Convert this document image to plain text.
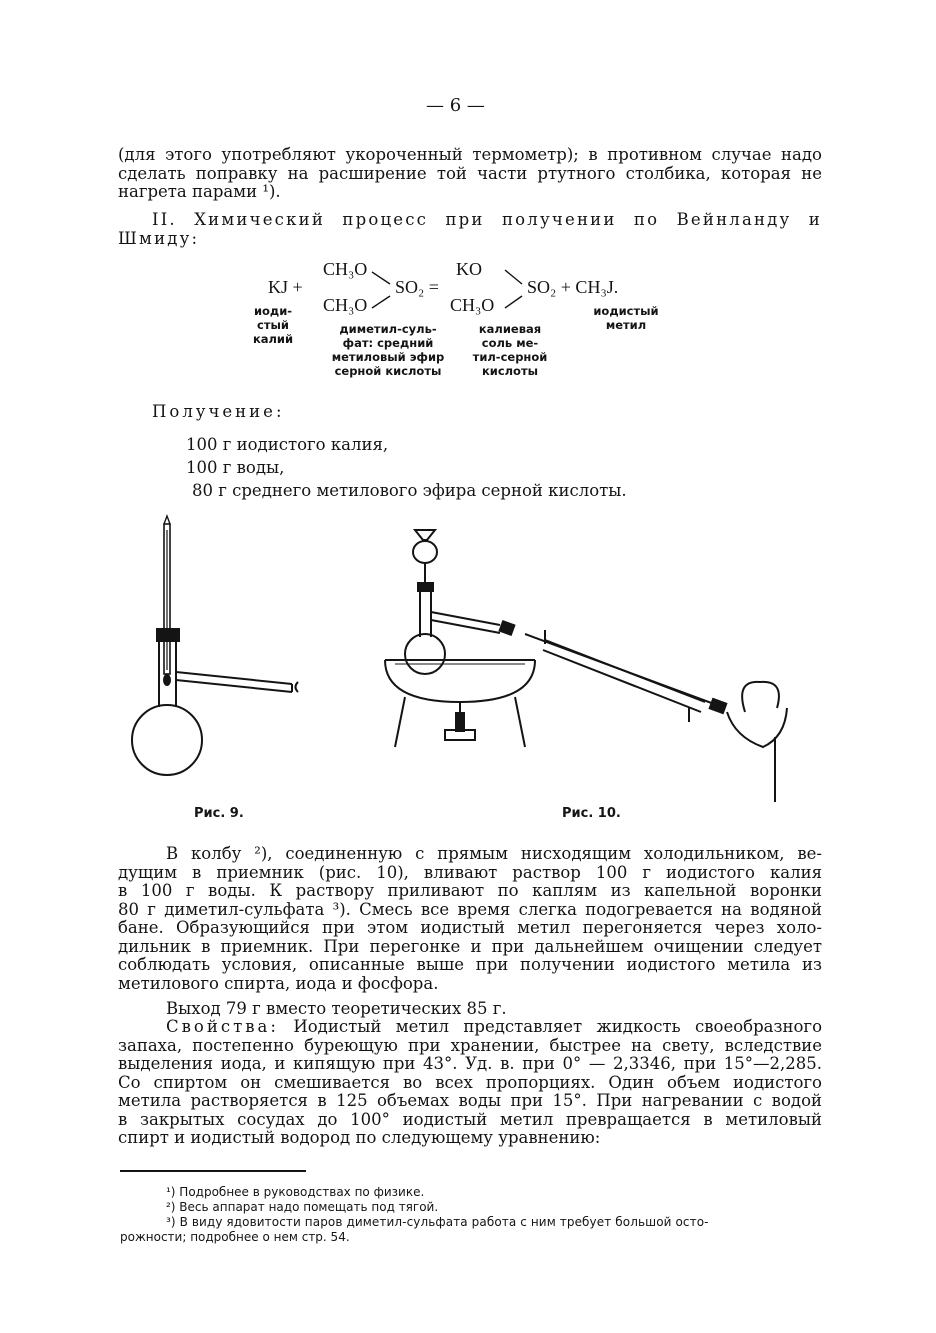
— 6 —
(для этого употребляют укороченный термометр); в противном случае надо
сделать поправку на расширение той части ртутного столбика, которая не
нагрета парами ¹).
II. Химический процесс при получении по Вейнланду и
Шмиду:
KJ +
CH₃O
CH₃O
SO₂ =
KO
CH₃O
SO₂ + CH₃J.
иоди-
стый
калий
диметил-суль-
фат: средний
метиловый эфир
серной кислоты
калиевая
соль ме-
тил-серной
кислоты
иодистый
метил
Получение:
100 г иодистого калия,
100 г воды,
80 г среднего метилового эфира серной кислоты.
Рис. 9.	Рис. 10.
В колбу ²), соединенную с прямым нисходящим холодильником, ве-
дущим в приемник (рис. 10), вливают раствор 100 г иодистого калия
в 100 г воды. К раствору приливают по каплям из капельной воронки
80 г диметил-сульфата ³). Смесь все время слегка подогревается на водяной
бане. Образующийся при этом иодистый метил перегоняется через холо-
дильник в приемник. При перегонке и при дальнейшем очищении следует
соблюдать условия, описанные выше при получении иодистого метила из
метилового спирта, иода и фосфора.
Выход 79 г вместо теоретических 85 г.
Свойства: Иодистый метил представляет жидкость своеобразного
запаха, постепенно буреющую при хранении, быстрее на свету, вследствие
выделения иода, и кипящую при 43°. Уд. в. при 0° — 2,3346, при 15°—2,285.
Со спиртом он смешивается во всех пропорциях. Один объем иодистого
метила растворяется в 125 объемах воды при 15°. При нагревании с водой
в закрытых сосудах до 100° иодистый метил превращается в метиловый
спирт и иодистый водород по следующему уравнению:
¹) Подробнее в руководствах по физике.
²) Весь аппарат надо помещать под тягой.
³) В виду ядовитости паров диметил-сульфата работа с ним требует большой осто-
рожности; подробнее о нем стр. 54.
